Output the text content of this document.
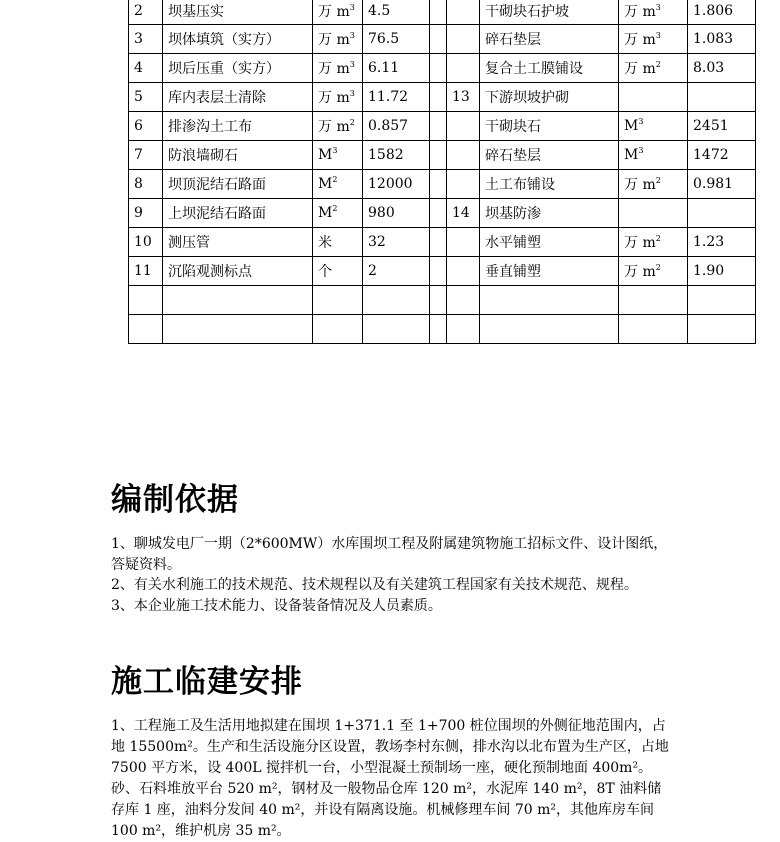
2	坝基压实	万 $m^3$	4.5			干砌块石护坡	万 $m^3$	1.806
3	坝体填筑（实方）	万 $m^3$	76.5			碎石垫层	万 $m^3$	1.083
4	坝后压重（实方）	万 $m^3$	6.11			复合土工膜铺设	万 $m^2$	8.03
5	库内表层土清除	万 $m^3$	11.72		13	下游坝坡护砌		
6	排渗沟土工布	万 $m^2$	0.857			干砌块石	$M^3$	2451
7	防浪墙砌石	$M^3$	1582			碎石垫层	$M^3$	1472
8	坝顶泥结石路面	$M^2$	12000			土工布铺设	万 $m^2$	0.981
9	上坝泥结石路面	$M^2$	980		14	坝基防渗		
10	测压管	米	32			水平铺塑	万 $m^2$	1.23
11	沉陷观测标点	个	2			垂直铺塑	万 $m^2$	1.90

编制依据
1、聊城发电厂一期（2*600MW）水库围坝工程及附属建筑物施工招标文件、设计图纸，答疑资料。
2、有关水利施工的技术规范、技术规程以及有关建筑工程国家有关技术规范、规程。
3、本企业施工技术能力、设备装备情况及人员素质。
施工临建安排
1、工程施工及生活用地拟建在围坝 1+371.1 至 1+700 桩位围坝的外侧征地范围内，占地 15500m²。生产和生活设施分区设置，教场李村东侧，排水沟以北布置为生产区，占地 7500 平方米，设 400L 搅拌机一台，小型混凝土预制场一座，硬化预制地面 400m²。砂、石料堆放平台 520 m²，钢材及一般物品仓库 120 m²，水泥库 140 m²，8T 油料储存库 1 座，油料分发间 40 m²，并设有隔离设施。机械修理车间 70 m²，其他库房车间 100 m²，维护机房 35 m²。
